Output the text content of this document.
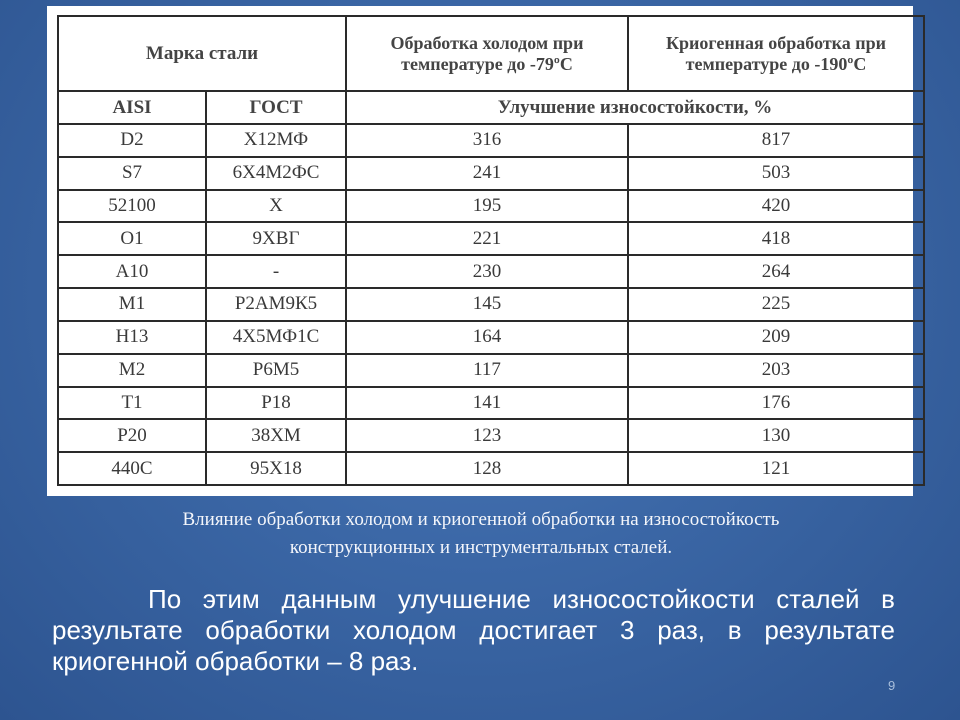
Марка стали		Обработка холодом при температуре до -79ºС	Криогенная обработка при температуре до -190ºС
AISI	ГОСТ	Улучшение износостойкости, %	
D2	Х12МФ	316	817
S7	6Х4М2ФС	241	503
52100	Х	195	420
O1	9ХВГ	221	418
A10	-	230	264
M1	Р2АМ9К5	145	225
H13	4Х5МФ1С	164	209
M2	Р6М5	117	203
T1	Р18	141	176
P20	38ХМ	123	130
440C	95Х18	128	121
Влияние обработки холодом и криогенной обработки на износостойкость
конструкционных и инструментальных сталей.
По этим данным улучшение износостойкости сталей в результате обработки холодом достигает 3 раз, в результате криогенной обработки – 8 раз.
9
